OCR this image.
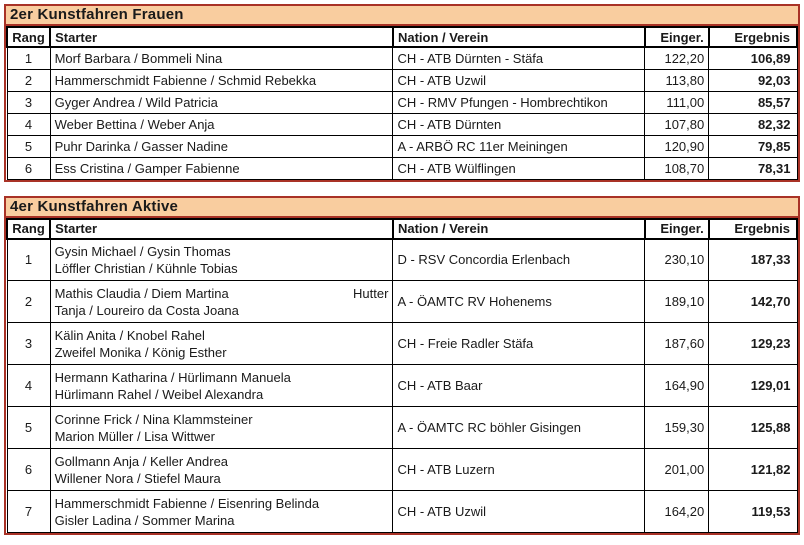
2er Kunstfahren Frauen
Rang	Starter	Nation / Verein	Einger.	Ergebnis
1	Morf Barbara / Bommeli Nina	CH - ATB Dürnten - Stäfa	122,20	106,89
2	Hammerschmidt Fabienne / Schmid Rebekka	CH - ATB Uzwil	113,80	92,03
3	Gyger Andrea / Wild Patricia	CH - RMV Pfungen - Hombrechtikon	111,00	85,57
4	Weber Bettina / Weber Anja	CH - ATB Dürnten	107,80	82,32
5	Puhr Darinka / Gasser Nadine	A - ARBÖ RC 11er Meiningen	120,90	79,85
6	Ess Cristina / Gamper Fabienne	CH - ATB Wülflingen	108,70	78,31
4er Kunstfahren Aktive
Rang	Starter	Nation / Verein	Einger.	Ergebnis
1	Gysin Michael / Gysin Thomas
Löffler Christian / Kühnle Tobias	D - RSV Concordia Erlenbach	230,10	187,33
2	Mathis Claudia / Diem Martina Hutter
Tanja / Loureiro da Costa Joana	A - ÖAMTC RV Hohenems	189,10	142,70
3	Kälin Anita / Knobel Rahel
Zweifel Monika / König Esther	CH - Freie Radler Stäfa	187,60	129,23
4	Hermann Katharina / Hürlimann Manuela
Hürlimann Rahel / Weibel Alexandra	CH - ATB Baar	164,90	129,01
5	Corinne Frick / Nina Klammsteiner
Marion Müller / Lisa Wittwer	A - ÖAMTC RC böhler Gisingen	159,30	125,88
6	Gollmann Anja / Keller Andrea
Willener Nora / Stiefel Maura	CH - ATB Luzern	201,00	121,82
7	Hammerschmidt Fabienne / Eisenring Belinda
Gisler Ladina / Sommer Marina	CH - ATB Uzwil	164,20	119,53
